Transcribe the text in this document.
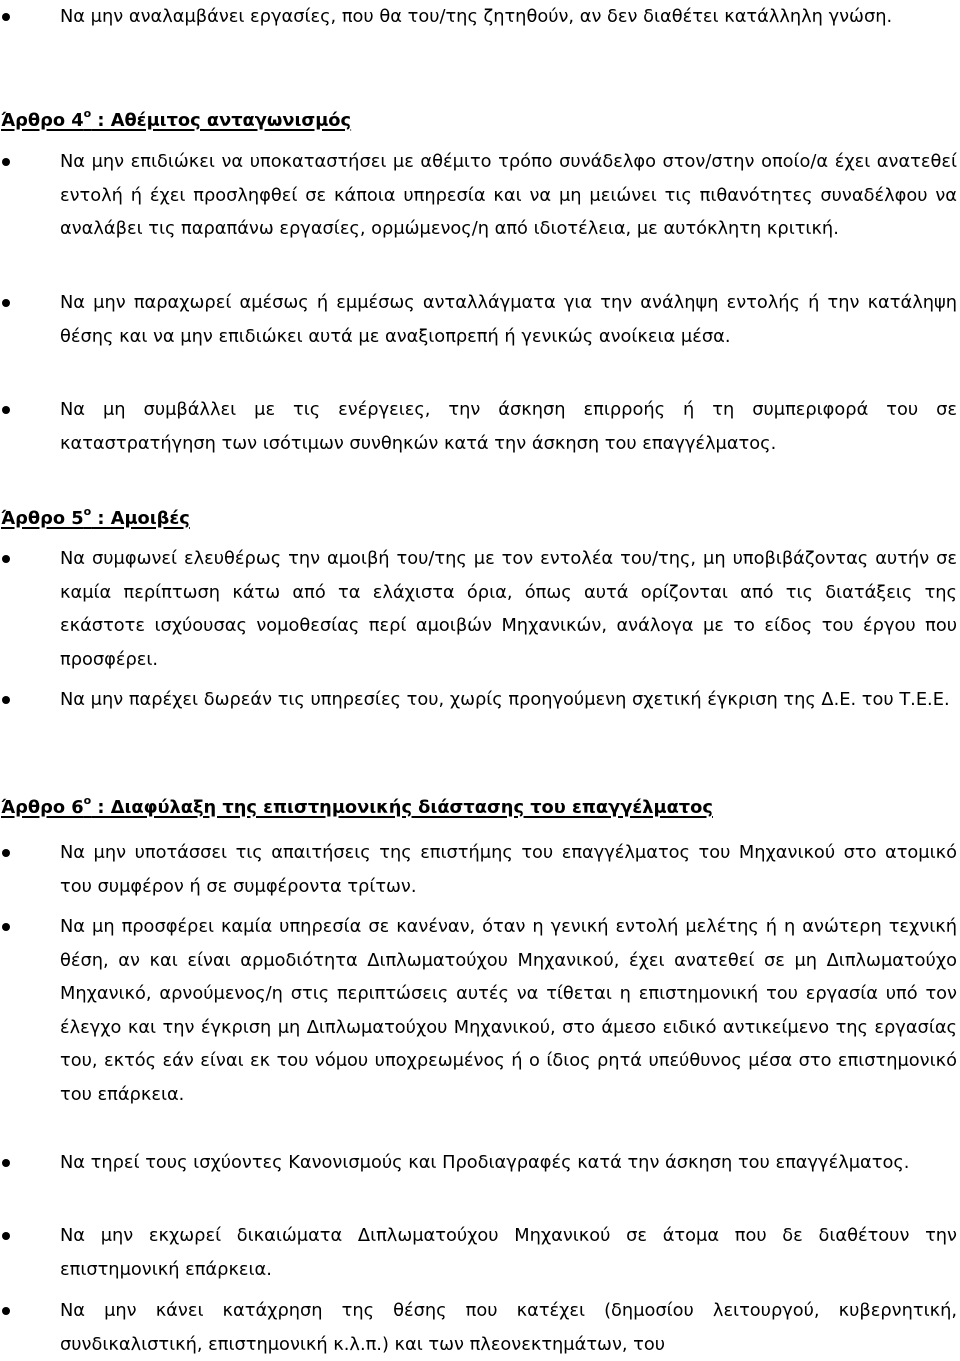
Να μην αναλαμβάνει εργασίες, που θα του/της ζητηθούν, αν δεν διαθέτει κατάλληλη γνώση.

Άρθρο $4^o$ : Αθέμιτος ανταγωνισμός

Να μην επιδιώκει να υποκαταστήσει με αθέμιτο τρόπο συνάδελφο στον/στην οποίο/α έχει ανατεθεί εντολή ή έχει προσληφθεί σε κάποια υπηρεσία και να μη μειώνει τις πιθανότητες συναδέλφου να αναλάβει τις παραπάνω εργασίες, ορμώμενος/η από ιδιοτέλεια, με αυτόκλητη κριτική.

Να μην παραχωρεί αμέσως ή εμμέσως ανταλλάγματα για την ανάληψη εντολής ή την κατάληψη θέσης και να μην επιδιώκει αυτά με αναξιοπρεπή ή γενικώς ανοίκεια μέσα.

Να μη συμβάλλει με τις ενέργειες, την άσκηση επιρροής ή τη συμπεριφορά του σε καταστρατήγηση των ισότιμων συνθηκών κατά την άσκηση του επαγγέλματος.

Άρθρο $5^o$ : Αμοιβές

Να συμφωνεί ελευθέρως την αμοιβή του/της με τον εντολέα του/της, μη υποβιβάζοντας αυτήν σε καμία περίπτωση κάτω από τα ελάχιστα όρια, όπως αυτά ορίζονται από τις διατάξεις της εκάστοτε ισχύουσας νομοθεσίας περί αμοιβών Μηχανικών, ανάλογα με το είδος του έργου που προσφέρει.

Να μην παρέχει δωρεάν τις υπηρεσίες του, χωρίς προηγούμενη σχετική έγκριση της Δ.Ε. του Τ.Ε.Ε.

Άρθρο $6^o$ : Διαφύλαξη της επιστημονικής διάστασης του επαγγέλματος

Να μην υποτάσσει τις απαιτήσεις της επιστήμης του επαγγέλματος του Μηχανικού στο ατομικό του συμφέρον ή σε συμφέροντα τρίτων.

Να μη προσφέρει καμία υπηρεσία σε κανέναν, όταν η γενική εντολή μελέτης ή η ανώτερη τεχνική θέση, αν και είναι αρμοδιότητα Διπλωματούχου Μηχανικού, έχει ανατεθεί σε μη Διπλωματούχο Μηχανικό, αρνούμενος/η στις περιπτώσεις αυτές να τίθεται η επιστημονική του εργασία υπό τον έλεγχο και την έγκριση μη Διπλωματούχου Μηχανικού, στο άμεσο ειδικό αντικείμενο της εργασίας του, εκτός εάν είναι εκ του νόμου υποχρεωμένος ή ο ίδιος ρητά υπεύθυνος μέσα στο επιστημονικό του επάρκεια.

Να τηρεί τους ισχύοντες Κανονισμούς και Προδιαγραφές κατά την άσκηση του επαγγέλματος.

Να μην εκχωρεί δικαιώματα Διπλωματούχου Μηχανικού σε άτομα που δε διαθέτουν την επιστημονική επάρκεια.

Να μην κάνει κατάχρηση της θέσης που κατέχει (δημοσίου λειτουργού, κυβερνητική, συνδικαλιστική, επιστημονική κ.λ.π.) και των πλεονεκτημάτων, του
